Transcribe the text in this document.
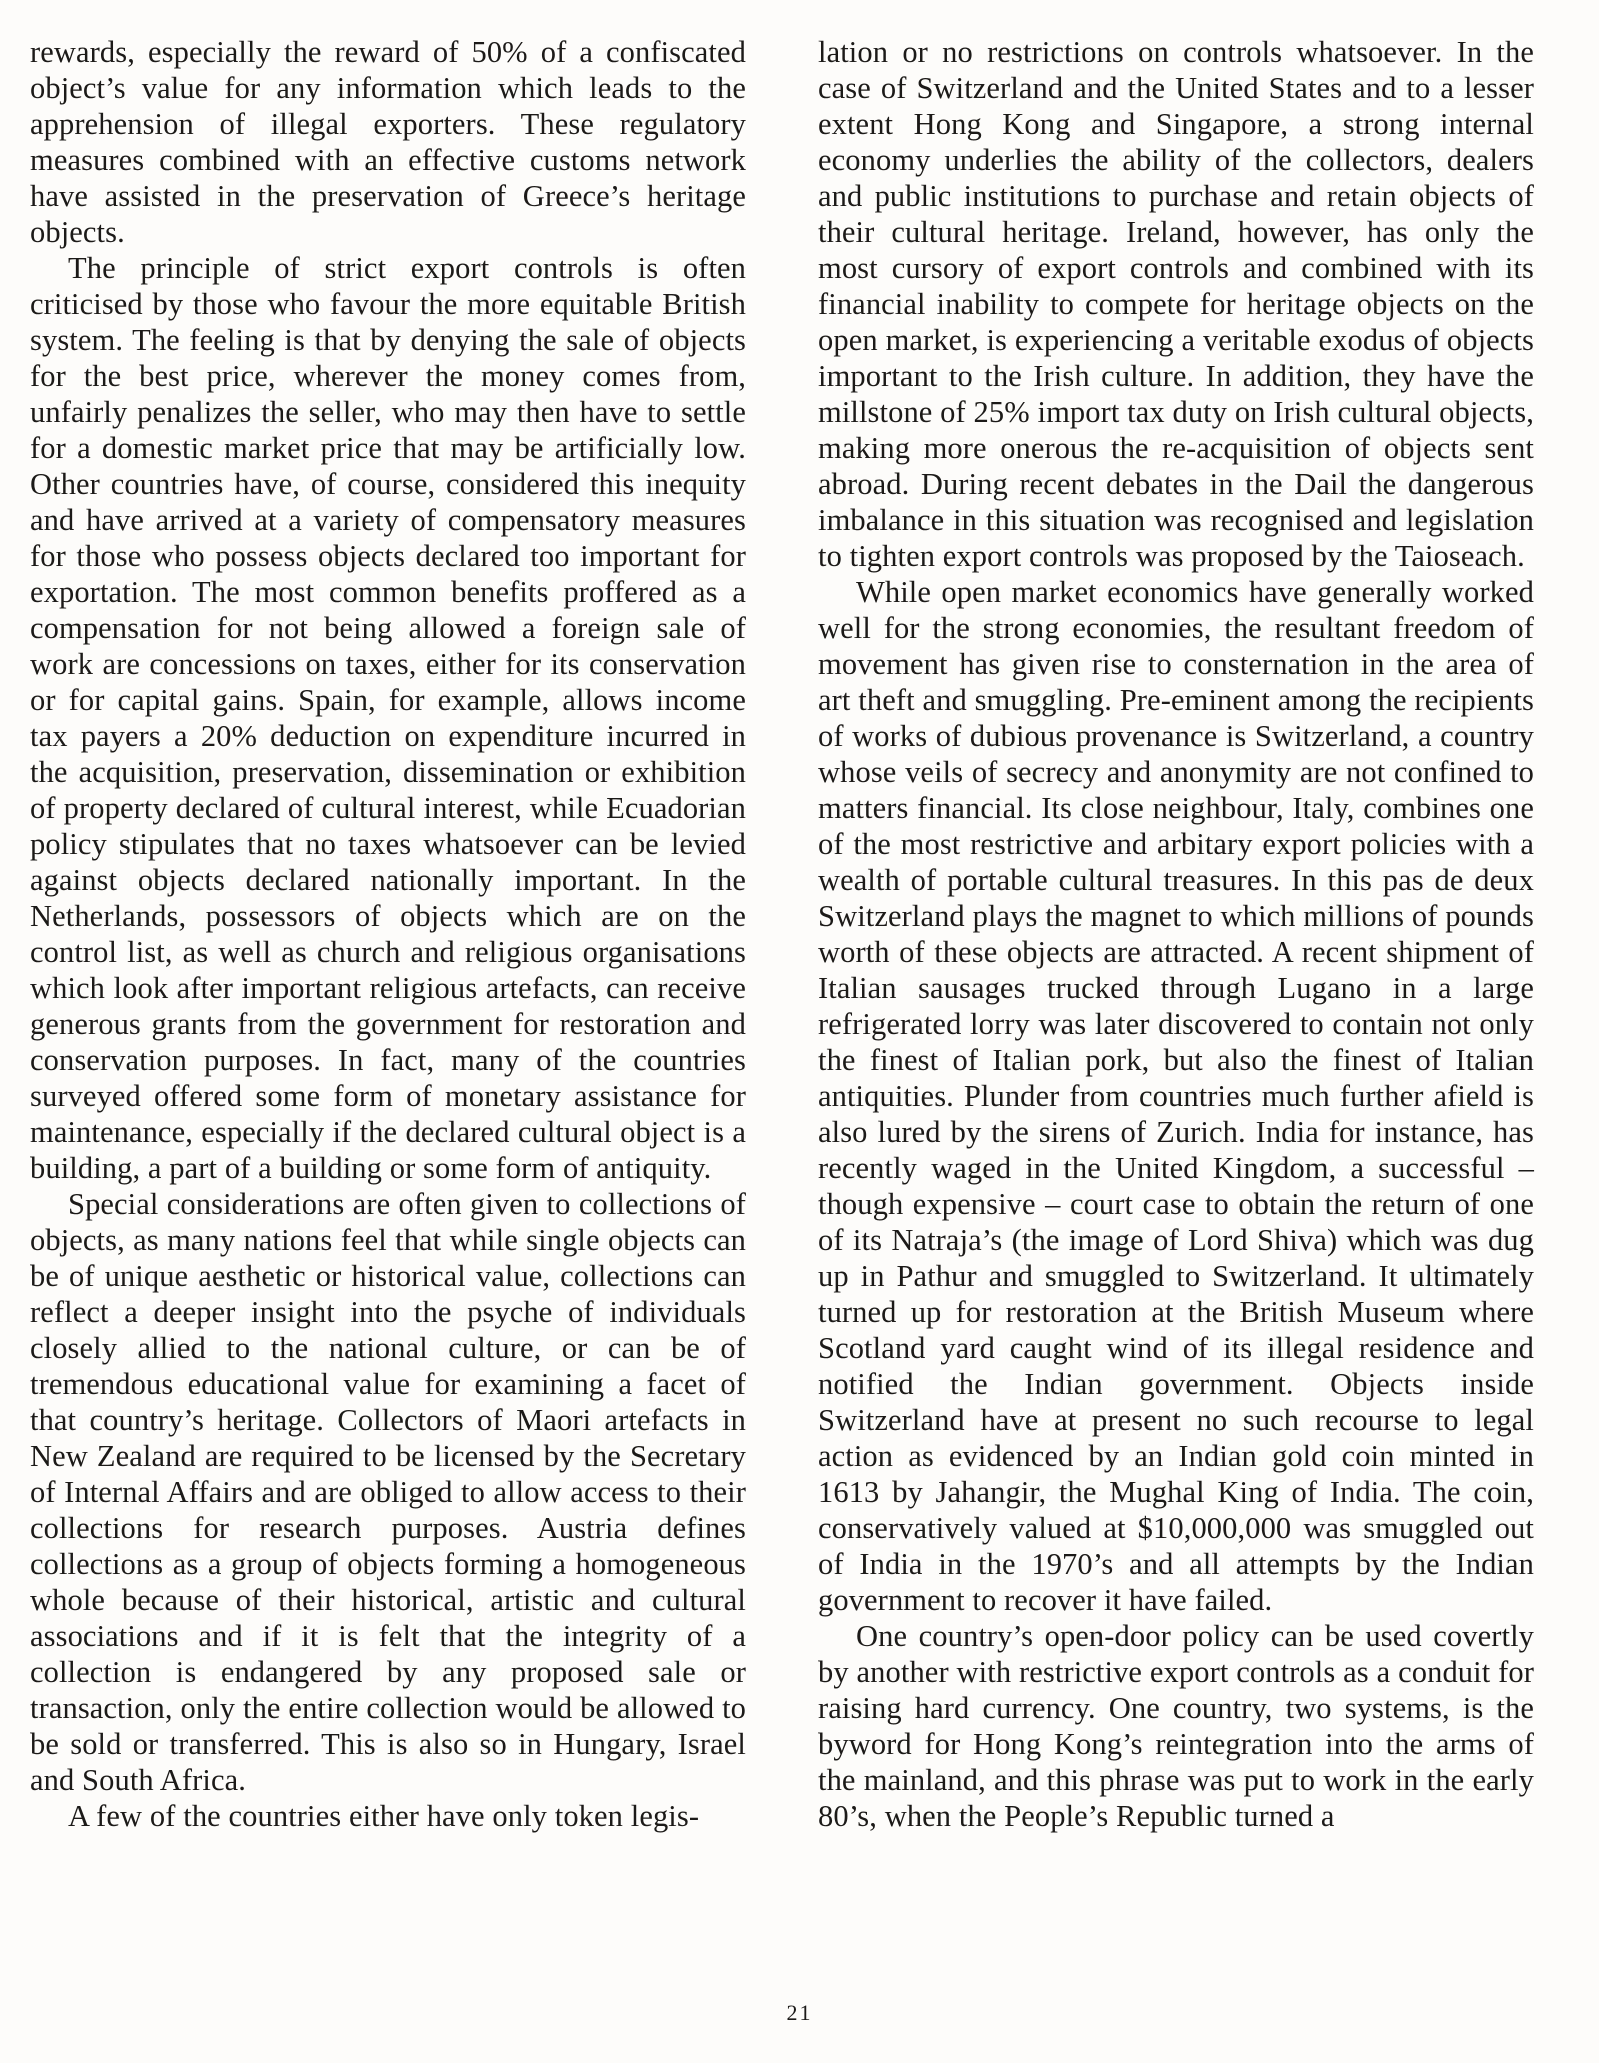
rewards, especially the reward of 50% of a confiscated object’s value for any information which leads to the apprehension of illegal exporters. These regulatory measures combined with an effective customs network have assisted in the preservation of Greece’s heritage objects.

The principle of strict export controls is often criticised by those who favour the more equitable British system. The feeling is that by denying the sale of objects for the best price, wherever the money comes from, unfairly penalizes the seller, who may then have to settle for a domestic market price that may be artificially low. Other countries have, of course, considered this inequity and have arrived at a variety of compensatory measures for those who possess objects declared too important for exportation. The most common benefits proffered as a compensation for not being allowed a foreign sale of work are concessions on taxes, either for its conservation or for capital gains. Spain, for example, allows income tax payers a 20% deduction on expenditure incurred in the acquisition, preservation, dissemination or exhibition of property declared of cultural interest, while Ecuadorian policy stipulates that no taxes whatsoever can be levied against objects declared nationally important. In the Netherlands, possessors of objects which are on the control list, as well as church and religious organisations which look after important religious artefacts, can receive generous grants from the government for restoration and conservation purposes. In fact, many of the countries surveyed offered some form of monetary assistance for maintenance, especially if the declared cultural object is a building, a part of a building or some form of antiquity.

Special considerations are often given to collections of objects, as many nations feel that while single objects can be of unique aesthetic or historical value, collections can reflect a deeper insight into the psyche of individuals closely allied to the national culture, or can be of tremendous educational value for examining a facet of that country’s heritage. Collectors of Maori artefacts in New Zealand are required to be licensed by the Secretary of Internal Affairs and are obliged to allow access to their collections for research purposes. Austria defines collections as a group of objects forming a homogeneous whole because of their historical, artistic and cultural associations and if it is felt that the integrity of a collection is endangered by any proposed sale or transaction, only the entire collection would be allowed to be sold or transferred. This is also so in Hungary, Israel and South Africa.

A few of the countries either have only token legis-

lation or no restrictions on controls whatsoever. In the case of Switzerland and the United States and to a lesser extent Hong Kong and Singapore, a strong internal economy underlies the ability of the collectors, dealers and public institutions to purchase and retain objects of their cultural heritage. Ireland, however, has only the most cursory of export controls and combined with its financial inability to compete for heritage objects on the open market, is experiencing a veritable exodus of objects important to the Irish culture. In addition, they have the millstone of 25% import tax duty on Irish cultural objects, making more onerous the re-acquisition of objects sent abroad. During recent debates in the Dail the dangerous imbalance in this situation was recognised and legislation to tighten export controls was proposed by the Taioseach.

While open market economics have generally worked well for the strong economies, the resultant freedom of movement has given rise to consternation in the area of art theft and smuggling. Pre-eminent among the recipients of works of dubious provenance is Switzerland, a country whose veils of secrecy and anonymity are not confined to matters financial. Its close neighbour, Italy, combines one of the most restrictive and arbitary export policies with a wealth of portable cultural treasures. In this pas de deux Switzerland plays the magnet to which millions of pounds worth of these objects are attracted. A recent shipment of Italian sausages trucked through Lugano in a large refrigerated lorry was later discovered to contain not only the finest of Italian pork, but also the finest of Italian antiquities. Plunder from countries much further afield is also lured by the sirens of Zurich. India for instance, has recently waged in the United Kingdom, a successful – though expensive – court case to obtain the return of one of its Natraja’s (the image of Lord Shiva) which was dug up in Pathur and smuggled to Switzerland. It ultimately turned up for restoration at the British Museum where Scotland yard caught wind of its illegal residence and notified the Indian government. Objects inside Switzerland have at present no such recourse to legal action as evidenced by an Indian gold coin minted in 1613 by Jahangir, the Mughal King of India. The coin, conservatively valued at $10,000,000 was smuggled out of India in the 1970’s and all attempts by the Indian government to recover it have failed.

One country’s open-door policy can be used covertly by another with restrictive export controls as a conduit for raising hard currency. One country, two systems, is the byword for Hong Kong’s reintegration into the arms of the mainland, and this phrase was put to work in the early 80’s, when the People’s Republic turned a

21
